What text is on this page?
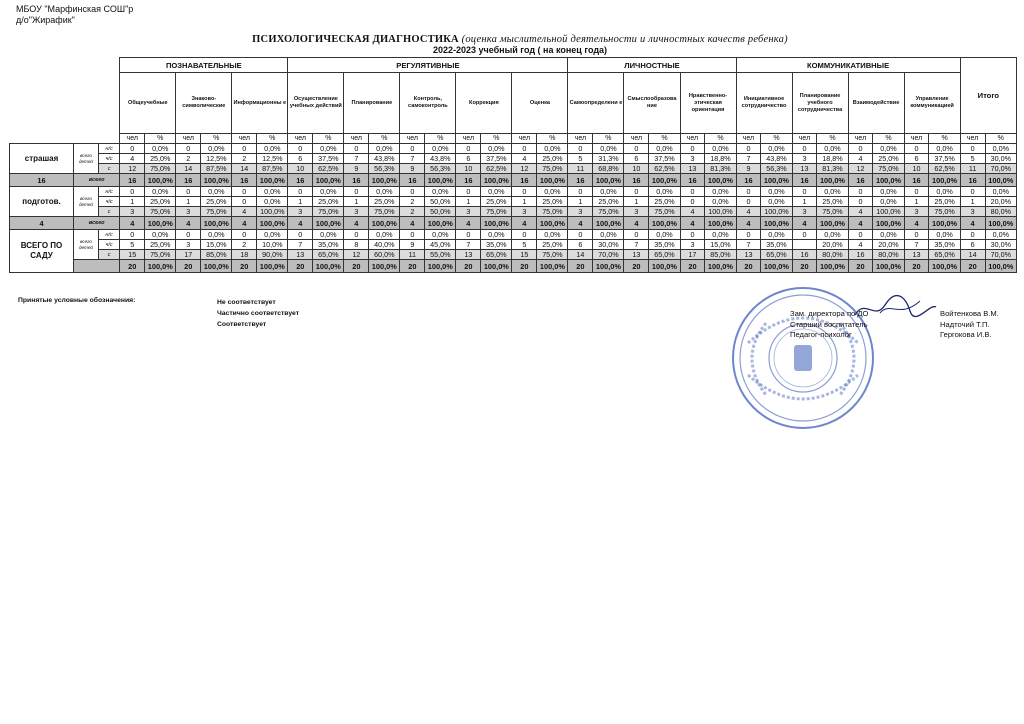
МБОУ "Марфинская СОШ"р
д/о"Жирафик"
ПСИХОЛОГИЧЕСКАЯ ДИАГНОСТИКА (оценка мыслительной деятельности и личностных качеств ребенка)
2022-2023 учебный год ( на конец года)
			ПОЗНАВАТЕЛЬНЫЕ						РЕГУЛЯТИВНЫЕ										ЛИЧНОСТНЫЕ						КОММУНИКАТИВНЫЕ								Итого	
			Общеучебные		Знаково-символические		Информационны е		Осуществление учебных действий		Планирование		Контроль, самоконтроль		Коррекция		Оценка		Самоопределени е		Смыслообразова ние		Нравственно-этическая ориентация		Инициативное сотрудничество		Планирование учебного сотрудничества		Взаимодействие		Управление коммуникацией			
			чел	%	чел	%	чел	%	чел	%	чел	%	чел	%	чел	%	чел	%	чел	%	чел	%	чел	%	чел	%	чел	%	чел	%	чел	%	чел	%
страшая	всего детей	н/с	0	0,0%	0	0,0%	0	0,0%	0	0,0%	0	0,0%	0	0,0%	0	0,0%	0	0,0%	0	0,0%	0	0,0%	0	0,0%	0	0,0%	0	0,0%	0	0,0%	0	0,0%	0	0,0%
		ч/с	4	25,0%	2	12,5%	2	12,5%	6	37,5%	7	43,8%	7	43,8%	6	37,5%	4	25,0%	5	31,3%	6	37,5%	3	18,8%	7	43,8%	3	18,8%	4	25,0%	6	37,5%	5	30,0%
		с	12	75,0%	14	87,5%	14	87,5%	10	62,5%	9	56,3%	9	56,3%	10	62,5%	12	75,0%	11	68,8%	10	62,5%	13	81,3%	9	56,3%	13	81,3%	12	75,0%	10	62,5%	11	70,0%
16	всего		16	100,0%	16	100,0%	16	100,0%	16	100,0%	16	100,0%	16	100,0%	16	100,0%	16	100,0%	16	100,0%	16	100,0%	16	100,0%	16	100,0%	16	100,0%	16	100,0%	16	100,0%	16	100,0%
подготов.	всего детей	н/с	0	0,0%	0	0,0%	0	0,0%	0	0,0%	0	0,0%	0	0,0%	0	0,0%	0	0,0%	0	0,0%	0	0,0%	0	0,0%	0	0,0%	0	0,0%	0	0,0%	0	0,0%	0	0,0%
		ч/с	1	25,0%	1	25,0%	0	0,0%	1	25,0%	1	25,0%	2	50,0%	1	25,0%	1	25,0%	1	25,0%	1	25,0%	0	0,0%	0	0,0%	1	25,0%	0	0,0%	1	25,0%	1	20,0%
		с	3	75,0%	3	75,0%	4	100,0%	3	75,0%	3	75,0%	2	50,0%	3	75,0%	3	75,0%	3	75,0%	3	75,0%	4	100,0%	4	100,0%	3	75,0%	4	100,0%	3	75,0%	3	80,0%
4	всего		4	100,0%	4	100,0%	4	100,0%	4	100,0%	4	100,0%	4	100,0%	4	100,0%	4	100,0%	4	100,0%	4	100,0%	4	100,0%	4	100,0%	4	100,0%	4	100,0%	4	100,0%	4	100,0%
ВСЕГО ПО САДУ	всего детей	н/с	0	0,0%	0	0,0%	0	0,0%	0	0,0%	0	0,0%	0	0,0%	0	0,0%	0	0,0%	0	0,0%	0	0,0%	0	0,0%	0	0,0%	0	0,0%	0	0,0%	0	0,0%	0	0,0%
		ч/с	5	25,0%	3	15,0%	2	10,0%	7	35,0%	8	40,0%	9	45,0%	7	35,0%	5	25,0%	6	30,0%	7	35,0%	3	15,0%	7	35,0%		20,0%	4	20,0%	7	35,0%	6	30,0%
		с	15	75,0%	17	85,0%	18	90,0%	13	65,0%	12	60,0%	11	55,0%	13	65,0%	15	75,0%	14	70,0%	13	65,0%	17	85,0%	13	65,0%	16	80,0%	16	80,0%	13	65,0%	14	70,0%
			20	100,0%	20	100,0%	20	100,0%	20	100,0%	20	100,0%	20	100,0%	20	100,0%	20	100,0%	20	100,0%	20	100,0%	20	100,0%	20	100,0%	20	100,0%	20	100,0%	20	100,0%	20	100,0%
Принятые условные обозначения:	Не соответствует
Частично соответствует
Соответствует
Зам. директора по ДО	Войтенкова В.М.
Старший воспитатель	Надточий Т.П.
Педагог-психолог	Гергокова И.В.
